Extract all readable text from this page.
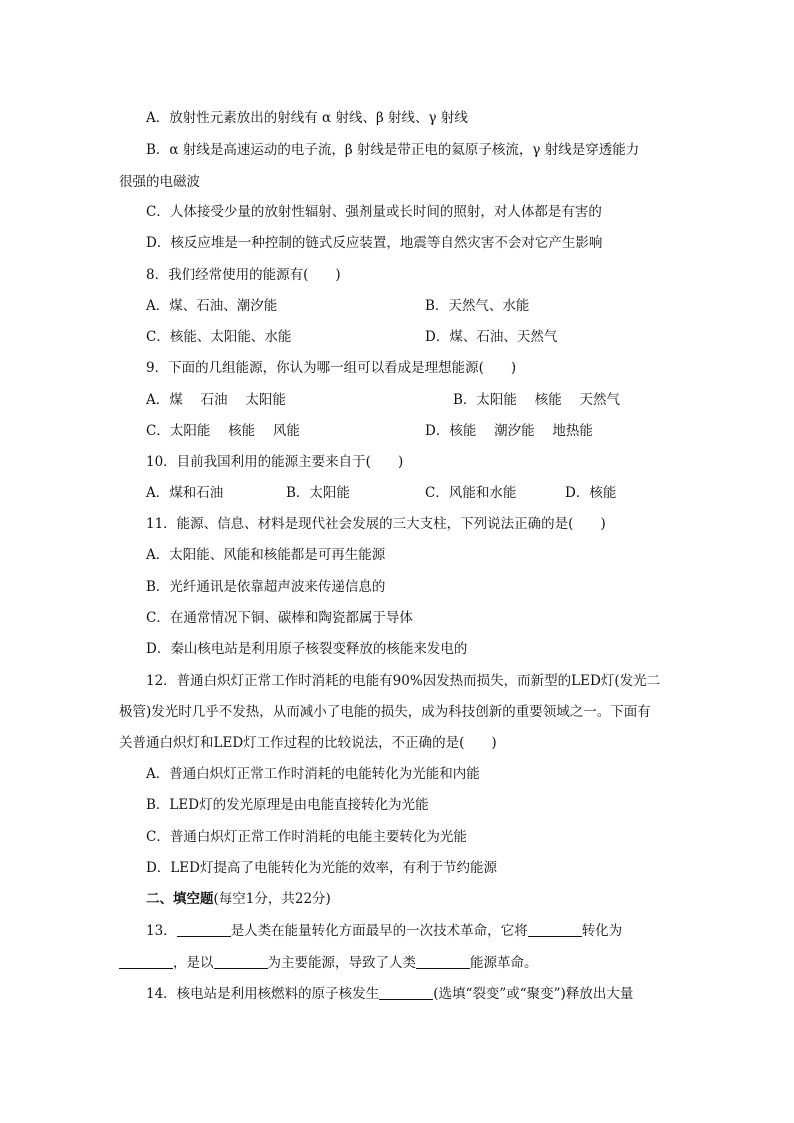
A．放射性元素放出的射线有 α 射线、β 射线、γ 射线
B．α 射线是高速运动的电子流，β 射线是带正电的氦原子核流，γ 射线是穿透能力
很强的电磁波
C．人体接受少量的放射性辐射、强剂量或长时间的照射，对人体都是有害的
D．核反应堆是一种控制的链式反应装置，地震等自然灾害不会对它产生影响
8．我们经常使用的能源有(　　)
A．煤、石油、潮汐能	B．天然气、水能
C．核能、太阳能、水能	D．煤、石油、天然气
9．下面的几组能源，你认为哪一组可以看成是理想能源(　　)
A．煤　 石油　 太阳能	B．太阳能　 核能　 天然气
C．太阳能　 核能　 风能	D．核能　 潮汐能　 地热能
10．目前我国利用的能源主要来自于(　　)
A．煤和石油	B．太阳能	C．风能和水能	D．核能
11．能源、信息、材料是现代社会发展的三大支柱，下列说法正确的是(　　)
A．太阳能、风能和核能都是可再生能源
B．光纤通讯是依靠超声波来传递信息的
C．在通常情况下铜、碳棒和陶瓷都属于导体
D．秦山核电站是利用原子核裂变释放的核能来发电的
12．普通白炽灯正常工作时消耗的电能有90%因发热而损失，而新型的LED灯(发光二
极管)发光时几乎不发热，从而减小了电能的损失，成为科技创新的重要领域之一。下面有
关普通白炽灯和LED灯工作过程的比较说法，不正确的是(　　)
A．普通白炽灯正常工作时消耗的电能转化为光能和内能
B．LED灯的发光原理是由电能直接转化为光能
C．普通白炽灯正常工作时消耗的电能主要转化为光能
D．LED灯提高了电能转化为光能的效率，有利于节约能源
二、填空题(每空1分，共22分)
13．	是人类在能量转化方面最早的一次技术革命，它将	转化为
，是以	为主要能源，导致了人类	能源革命。
14．核电站是利用核燃料的原子核发生	(选填“裂变”或“聚变”)释放出大量
